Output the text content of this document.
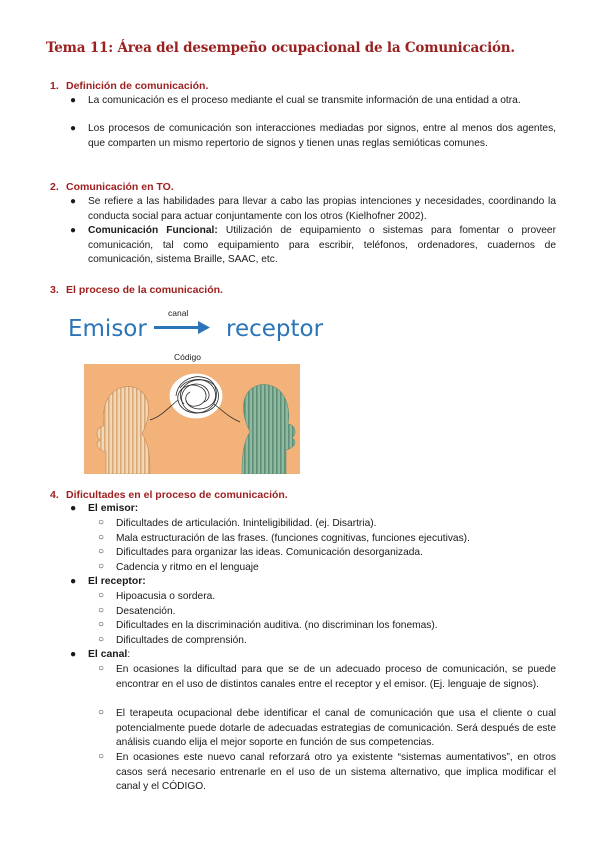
Tema 11: Área del desempeño ocupacional de la Comunicación.
1. Definición de comunicación.
● La comunicación es el proceso mediante el cual se transmite información de una entidad a otra.
● Los procesos de comunicación son interacciones mediadas por signos, entre al menos dos agentes, que comparten un mismo repertorio de signos y tienen unas reglas semióticas comunes.
2. Comunicación en TO.
● Se refiere a las habilidades para llevar a cabo las propias intenciones y necesidades, coordinando la conducta social para actuar conjuntamente con los otros (Kielhofner 2002).
● Comunicación Funcional: Utilización de equipamiento o sistemas para fomentar o proveer comunicación, tal como equipamiento para escribir, teléfonos, ordenadores, cuadernos de comunicación, sistema Braille, SAAC, etc.
3. El proceso de la comunicación.
Emisor
canal
receptor
Código
4. Dificultades en el proceso de comunicación.
● El emisor:
○ Dificultades de articulación. Ininteligibilidad. (ej. Disartria).
○ Mala estructuración de las frases. (funciones cognitivas, funciones ejecutivas).
○ Dificultades para organizar las ideas. Comunicación desorganizada.
○ Cadencia y ritmo en el lenguaje
● El receptor:
○ Hipoacusia o sordera.
○ Desatención.
○ Dificultades en la discriminación auditiva. (no discriminan los fonemas).
○ Dificultades de comprensión.
● El canal:
○ En ocasiones la dificultad para que se de un adecuado proceso de comunicación, se puede encontrar en el uso de distintos canales entre el receptor y el emisor. (Ej. lenguaje de signos).
○ El terapeuta ocupacional debe identificar el canal de comunicación que usa el cliente o cual potencialmente puede dotarle de adecuadas estrategias de comunicación. Será después de este análisis cuando elija el mejor soporte en función de sus competencias.
○ En ocasiones este nuevo canal reforzará otro ya existente “sistemas aumentativos”, en otros casos será necesario entrenarle en el uso de un sistema alternativo, que implica modificar el canal y el CÓDIGO.
